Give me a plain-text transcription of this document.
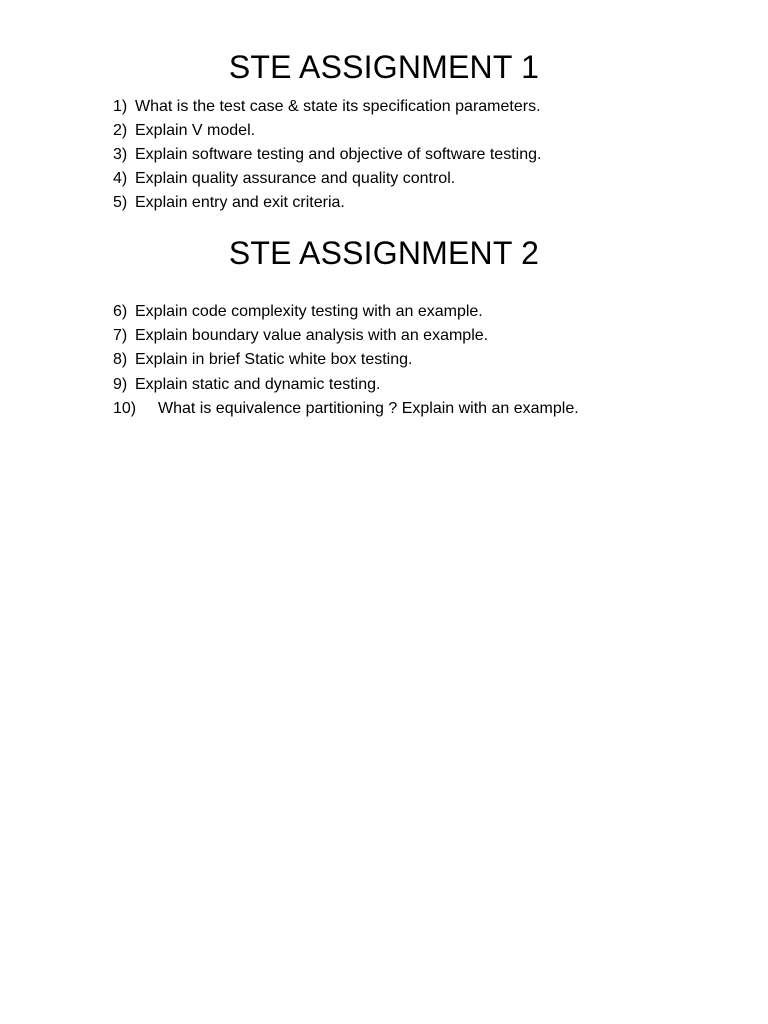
STE ASSIGNMENT 1
1) What is the test case & state its specification parameters.
2) Explain V model.
3) Explain software testing and objective of software testing.
4) Explain quality assurance and quality control.
5) Explain entry and exit criteria.
STE ASSIGNMENT 2
6) Explain code complexity testing with an example.
7) Explain boundary value analysis with an example.
8) Explain in brief Static white box testing.
9) Explain static and dynamic testing.
10)	What is equivalence partitioning ? Explain with an example.
